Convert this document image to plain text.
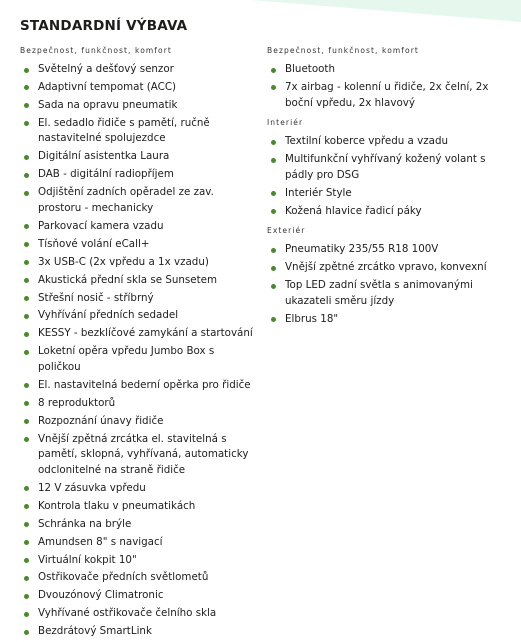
STANDARDNÍ VÝBAVA
Bezpečnost, funkčnost, komfort
Světelný a dešťový senzor
Adaptivní tempomat (ACC)
Sada na opravu pneumatik
El. sedadlo řidiče s pamětí, ručně nastavitelné spolujezdce
Digitální asistentka Laura
DAB - digitální radiopříjem
Odjištění zadních opěradel ze zav. prostoru - mechanicky
Parkovací kamera vzadu
Tísňové volání eCall+
3x USB-C (2x vpředu a 1x vzadu)
Akustická přední skla se Sunsetem
Střešní nosič - stříbrný
Vyhřívání předních sedadel
KESSY - bezklíčové zamykání a startování
Loketní opěra vpředu Jumbo Box s poličkou
El. nastavitelná bederní opěrka pro řidiče
8 reproduktorů
Rozpoznání únavy řidiče
Vnější zpětná zrcátka el. stavitelná s pamětí, sklopná, vyhřívaná, automaticky odclonitelné na straně řidiče
12 V zásuvka vpředu
Kontrola tlaku v pneumatikách
Schránka na brýle
Amundsen 8" s navigací
Virtuální kokpit 10"
Ostřikovače předních světlometů
Dvouzónový Climatronic
Vyhřívané ostřikovače čelního skla
Bezdrátový SmartLink
Bezpečnost, funkčnost, komfort
Bluetooth
7x airbag - kolenní u řidiče, 2x čelní, 2x boční vpředu, 2x hlavový
Interiér
Textilní koberce vpředu a vzadu
Multifunkční vyhřívaný kožený volant s pádly pro DSG
Interiér Style
Kožená hlavice řadicí páky
Exteriér
Pneumatiky 235/55 R18 100V
Vnější zpětné zrcátko vpravo, konvexní
Top LED zadní světla s animovanými ukazateli směru jízdy
Elbrus 18"
